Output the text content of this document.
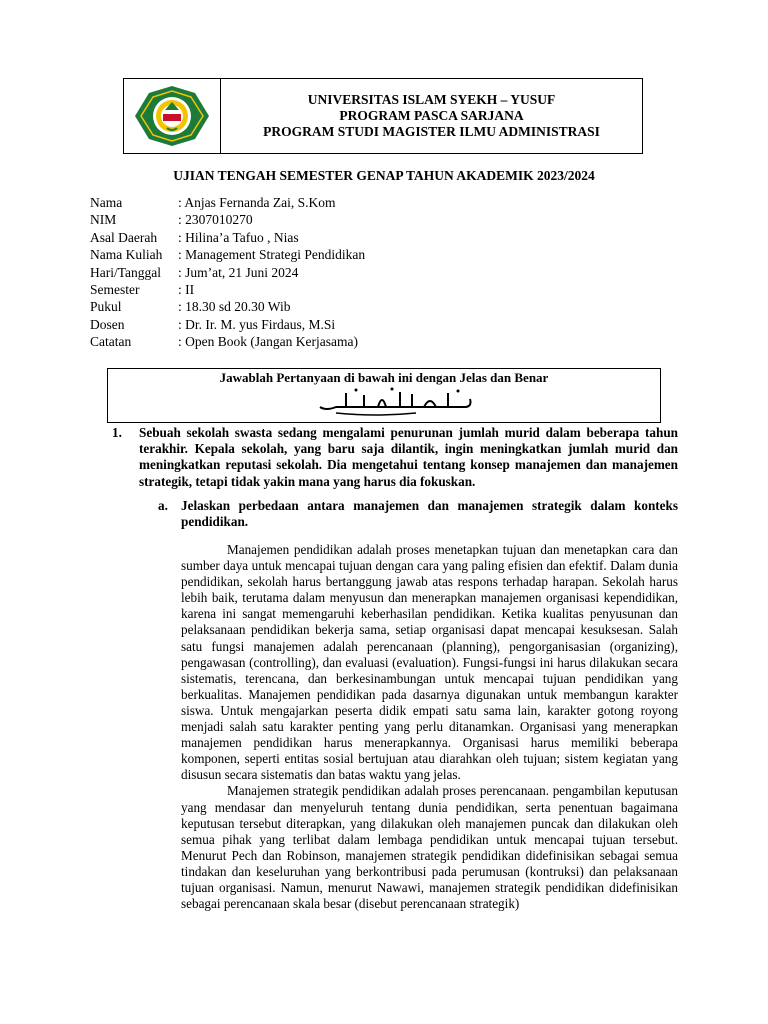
UNIVERSITAS ISLAM SYEKH – YUSUF
PROGRAM PASCA SARJANA
PROGRAM STUDI MAGISTER ILMU ADMINISTRASI
UJIAN TENGAH SEMESTER GENAP TAHUN AKADEMIK 2023/2024
Nama	: Anjas Fernanda Zai, S.Kom
NIM	: 2307010270
Asal Daerah	: Hilina’a Tafuo , Nias
Nama Kuliah	: Management Strategi Pendidikan
Hari/Tanggal	: Jum’at, 21 Juni 2024
Semester	: II
Pukul	: 18.30 sd 20.30 Wib
Dosen	: Dr. Ir. M. yus Firdaus, M.Si
Catatan	: Open Book (Jangan Kerjasama)
Jawablah Pertanyaan di bawah ini dengan Jelas dan Benar
1. Sebuah sekolah swasta sedang mengalami penurunan jumlah murid dalam beberapa tahun terakhir. Kepala sekolah, yang baru saja dilantik, ingin meningkatkan jumlah murid dan meningkatkan reputasi sekolah. Dia mengetahui tentang konsep manajemen dan manajemen strategik, tetapi tidak yakin mana yang harus dia fokuskan.
a. Jelaskan perbedaan antara manajemen dan manajemen strategik dalam konteks pendidikan.

Manajemen pendidikan adalah proses menetapkan tujuan dan menetapkan cara dan sumber daya untuk mencapai tujuan dengan cara yang paling efisien dan efektif. Dalam dunia pendidikan, sekolah harus bertanggung jawab atas respons terhadap harapan. Sekolah harus lebih baik, terutama dalam menyusun dan menerapkan manajemen organisasi kependidikan, karena ini sangat memengaruhi keberhasilan pendidikan. Ketika kualitas penyusunan dan pelaksanaan pendidikan bekerja sama, setiap organisasi dapat mencapai kesuksesan. Salah satu fungsi manajemen adalah perencanaan (planning), pengorganisasian (organizing), pengawasan (controlling), dan evaluasi (evaluation). Fungsi-fungsi ini harus dilakukan secara sistematis, terencana, dan berkesinambungan untuk mencapai tujuan pendidikan yang berkualitas. Manajemen pendidikan pada dasarnya digunakan untuk membangun karakter siswa. Untuk mengajarkan peserta didik empati satu sama lain, karakter gotong royong menjadi salah satu karakter penting yang perlu ditanamkan. Organisasi yang menerapkan manajemen pendidikan harus menerapkannya. Organisasi harus memiliki beberapa komponen, seperti entitas sosial bertujuan atau diarahkan oleh tujuan; sistem kegiatan yang disusun secara sistematis dan batas waktu yang jelas.

Manajemen strategik pendidikan adalah proses perencanaan. pengambilan keputusan yang mendasar dan menyeluruh tentang dunia pendidikan, serta penentuan bagaimana keputusan tersebut diterapkan, yang dilakukan oleh manajemen puncak dan dilakukan oleh semua pihak yang terlibat dalam lembaga pendidikan untuk mencapai tujuan tersebut. Menurut Pech dan Robinson, manajemen strategik pendidikan didefinisikan sebagai semua tindakan dan keseluruhan yang berkontribusi pada perumusan (kontruksi) dan pelaksanaan tujuan organisasi. Namun, menurut Nawawi, manajemen strategik pendidikan didefinisikan sebagai perencanaan skala besar (disebut perencanaan strategik)
